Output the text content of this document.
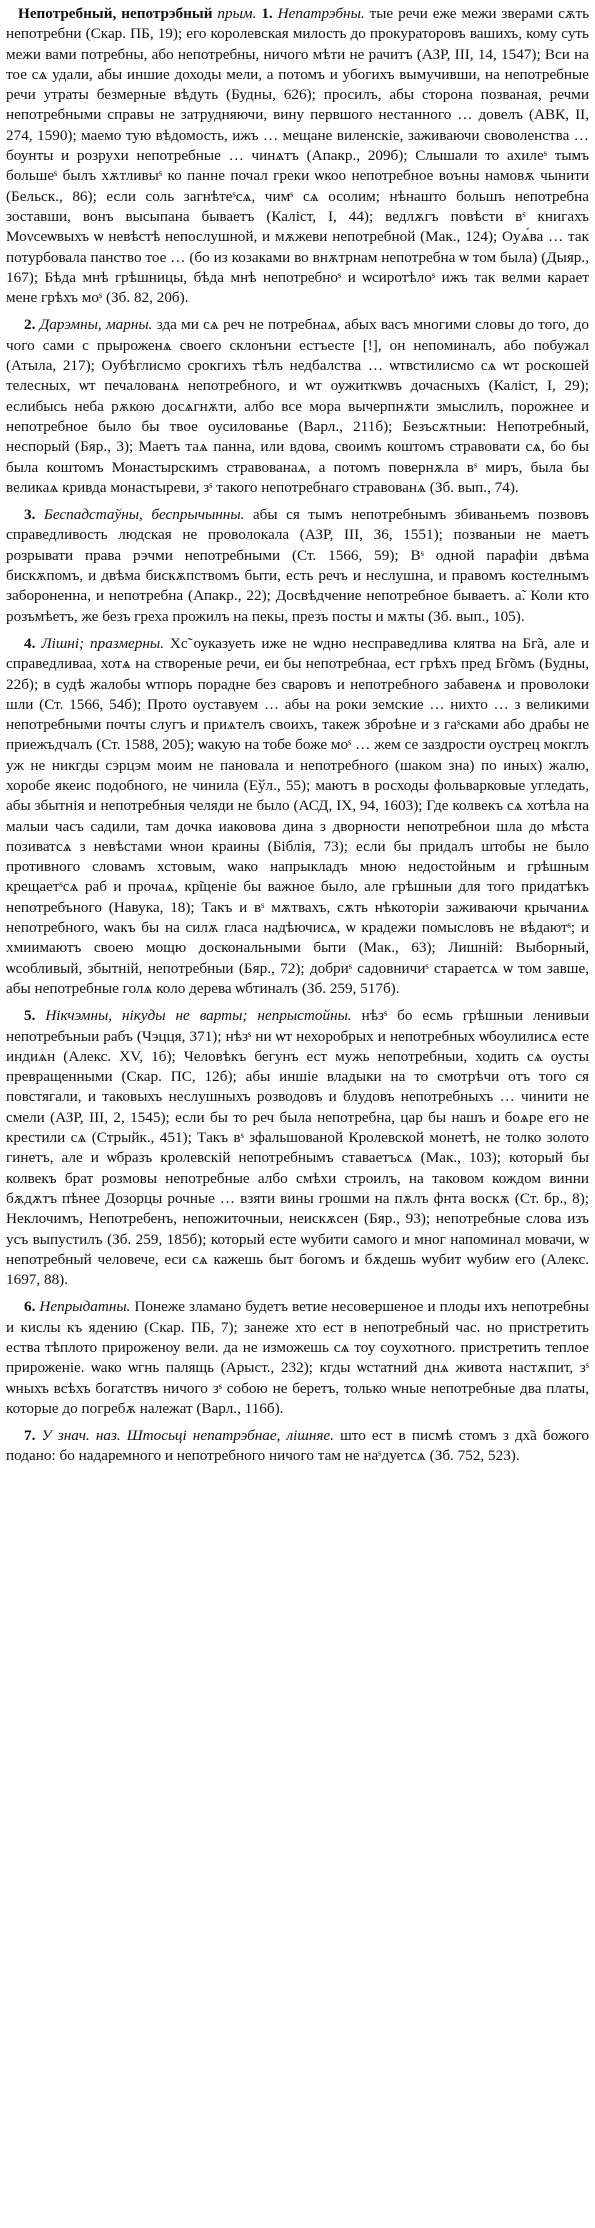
Непотребный, непотрэбный прым. 1. Непатрэбны. тые речи еже межи зверами сѫть непотребни (Скар. ПБ, 19); его королевская милость до прокураторовъ вашихъ, кому суть межи вами потребны, або непотребны, ничого мѣти не рачитъ (АЗР, III, 14, 1547); Вси на тое сѧ удали, абы иншие доходы мели, а потомъ и убогихъ вымучивши, на непотребные речи утраты безмерные вѣдуть (Будны, 626); просилъ, абы сторона позваная, речми непотребными справы не затрудняючи, вину первшого нестанного … довелъ (АВК, II, 274, 1590); маемо тую вѣдомость, ижъ … мещане виленскіе, заживаючи своволенства … боунты и розрухи непотребные … чинѧтъ (Апакр., 209б); Слышали то ахилеˢ тымъ большеˢ былъ хѫтливыˢ ко панне почал греки ѡкоо непотребное воъны намовѫ чынити (Бельск., 86); если соль загнѣтеˢсѧ, чимˢ сѧ осолим; нѣнашто большъ непотребна зоставши, вонъ высыпана бываетъ (Калiст, I, 44); ведлѫгъ повѣсти вˢ книгахъ Моνсеѡвыхъ ѡ невѣстѣ непослушной, и мѫжеви непотребной (Мак., 124); Оуѧ́ва … так потурбовала панство тое … (бо из козаками во внѫтрнам непотребна ѡ том была) (Дыяр., 167); Бѣда мнѣ грѣшницы, бѣда мнѣ непотребноˢ и ѡсиротѣлоˢ ижъ так велми карает мене грѣхъ моˢ (Зб. 82, 20б).

2. Дарэмны, марны. зда ми сѧ реч не потребнаѧ, абых васъ многими словы до того, до чого сами с прыроженѧ своего склонъни естъесте [!], он непоминалъ, або побужал (Атыла, 217); Оубѣглисмо срокгихъ тѣлъ недбалства … ѡтвстилисмо сѧ ѡт роскошей телесных, ѡт печалованѧ непотребного, и ѡт оужиткѡвъ дочасныхъ (Калiст, I, 29); еслибысь неба рѫкою досѧгнѫти, албо все мора вычерпнѫти змыслилъ, порожнее и непотребное было бы твое оусилованье (Варл., 211б); Безъсѫтныи: Непотребный, неспорый (Бяр., 3); Маетъ таѧ панна, или вдова, своимъ коштомъ стравовати сѧ, бо бы была коштомъ Монастырскимъ стравованаѧ, а потомъ повернѫла вˢ миръ, была бы великаѧ кривда монастыреви, зˢ такого непотребнаго стравованѧ (Зб. вып., 74).

3. Беспадстаўны, беспрычынны. абы ся тымъ непотребнымъ збиваньемъ позвовъ справедливость людская не проволокала (АЗР, III, 36, 1551); позваныи не маетъ розрывати права рэчми непотребными (Ст. 1566, 59); Вˢ одной парафiи двѣма бискѫпомъ, и двѣма бискѫпствомъ быти, есть речъ и неслушна, и правомъ костелнымъ забороненна, и непотребна (Апакр., 22); Досвѣдчение непотребное бываетъ. а̃. Коли кто розъмѣетъ, же безъ греха прожилъ на пекы, презъ посты и мѫты (Зб. вып., 105).

4. Лішні; празмерны. Хс̃ оуказуеть иже не ѡдно несправедлива клятва на Бг̃а, але и справедливаа, хотѧ на створеные речи, еи бы непотребнаа, ест грѣхъ пред Бг̃омъ (Будны, 22б); в судѣ жалобы ѡтпорь порадне без сваровъ и непотребного забавенѧ и проволоки шли (Ст. 1566, 54б); Прото оуставуем … абы на роки земские … нихто … з великими непотребными почты слугъ и приѧтелъ своихъ, такеж зброѣне и з гаˢсками або драбы не приежъдчалъ (Ст. 1588, 205); ѡакую на тобе боже моˢ … жем се заздрости оустрец мокглъ уж не никгды сэрцэм моим не пановала и непотребного (шаком зна) по иных) жалю, хоробе якеис подобного, не чинила (Еўл., 55); маютъ в росходы фольварковые угледать, абы збытнія и непотребныя челяди не было (АСД, IX, 94, 1603); Где колвекъ сѧ хотѣла на малыи часъ садили, там дочка иаковова дина з двoрности непотребнои шла до мѣста позиватсѧ з невѣстами ѡнои краины (Біблія, 73); если бы придалъ штобы не было противного словамъ хстовым, ѡако напрыкладъ мною недостойным и грѣшным крещаетˢсѧ раб и прочаѧ, кр̃щеніе бы важное было, але грѣшныи для того придатѣкъ непотребъного (Навука, 18); Такъ и вˢ мѫтвахъ, сѫть нѣкоторіи заживаючи крычаниѧ непотребного, ѡакъ бы на силѫ гласа надѣючисѧ, ѡ крадежи помысловъ не вѣдаютˢ; и хмиимаютъ своею мощю доскональными быти (Мак., 63); Лишній: Выборный, ѡсобливый, збытній, непотребныи (Бяр., 72); добриˢ садовничиˢ стараетсѧ ѡ том завше, абы непотребные голѧ коло дерева ѡбтиналъ (Зб. 259, 517б).

5. Нікчэмны, нікуды не варты; непрыстойны. нѣзˢ бо есмь грѣшныи ленивыи непотребъныи рабъ (Чэцця, 371); нѣзˢ ни ѡт нехоробрых и непотребных ѡбоулилисѧ есте индиѧн (Алекс. XV, 1б); Человѣкъ бегунъ ест мужь непотребныи, ходить сѧ оусты превращенными (Скар. ПС, 12б); абы иншіе владыки на то смотрѣчи отъ того ся повстягали, и таковыхъ неслушныхъ розводовъ и блудовъ непотребныхъ … чинити не смели (АЗР, III, 2, 1545); если бы то реч была непотребна, цар бы нашъ и боѧре его не крестили сѧ (Стрыйк., 451); Такъ вˢ зфальшованой Кролевской монетѣ, не толко золото гинетъ, але и ѡбразъ кролевскій непотребнымъ ставаетъсѧ (Мак., 103); который бы колвекъ брат розмовы непотребные албо смѣхи строилъ, на таковом кождом винни бѫдѫтъ пѣнее Дозорцы рочные … взяти вины грошми на пѫлъ фнта воскѫ (Ст. бр., 8); Неклочимъ, Непотребенъ, непожиточныи, неискѫсен (Бяр., 93); непотребные слова изъ усъ выпустилъ (Зб. 259, 185б); который есте ѡубити самого и мног напоминал мовачи, ѡ непотребный человече, еси сѧ кажешь быт богомъ и бѫдешь ѡубит ѡубиѡ его (Алекс. 1697, 88).

6. Непрыдатны. Понеже зламано будетъ ветие несовершеное и плоды ихъ непотребны и кислы къ ядению (Скар. ПБ, 7); занеже хто ест в непотребный час. но пристретить ества тѣплото прироженоу вели. да не изможешь сѧ тоу соухотного. пристретить теплое прироженіе. ѡако ѡгнь палящь (Арыст., 232); кгды ѡстатний днѧ живота настѫпит, зˢ ѡныхъ всѣхъ богатствъ ничого зˢ собою не беретъ, только ѡные непотребные два платы, которые до погребѫ належат (Варл., 116б).

7. У знач. наз. Штосьці непатрэбнае, лішняе. што ест в писмѣ стомъ з дх̃а божого подано: бо надаремного и непотребного ничого там не наˢдуетсѧ (Зб. 752, 523).
